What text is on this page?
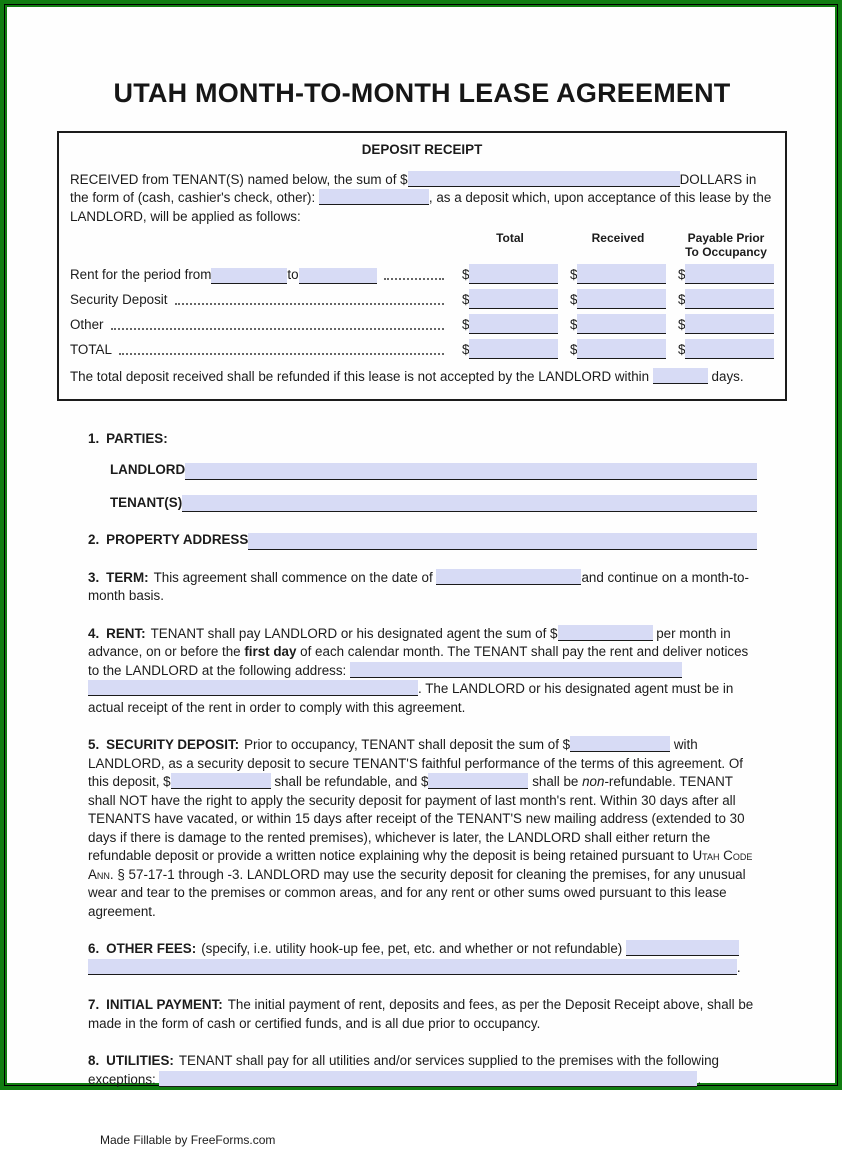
UTAH MONTH-TO-MONTH LEASE AGREEMENT
DEPOSIT RECEIPT

RECEIVED from TENANT(S) named below, the sum of $	DOLLARS in the form of (cash, cashier's check, other):	, as a deposit which, upon acceptance of this lease by the LANDLORD, will be applied as follows:

Total	Received	Payable Prior
To Occupancy
Rent for the period from	to	$	$	$
Security Deposit	$	$	$
Other	$	$	$
TOTAL	$	$	$

The total deposit received shall be refunded if this lease is not accepted by the LANDLORD within	days.

1. PARTIES:
LANDLORD
TENANT(S)
2. PROPERTY ADDRESS

3. TERM: This agreement shall commence on the date of	and continue on a month-to-month basis.

4. RENT: TENANT shall pay LANDLORD or his designated agent the sum of $	per month in advance, on or before the first day of each calendar month. The TENANT shall pay the rent and deliver notices to the LANDLORD at the following address:  . The LANDLORD or his designated agent must be in actual receipt of the rent in order to comply with this agreement.

5. SECURITY DEPOSIT: Prior to occupancy, TENANT shall deposit the sum of $	with LANDLORD, as a security deposit to secure TENANT'S faithful performance of the terms of this agreement. Of this deposit, $	shall be refundable, and $	shall be non-refundable. TENANT shall NOT have the right to apply the security deposit for payment of last month's rent. Within 30 days after all TENANTS have vacated, or within 15 days after receipt of the TENANT'S new mailing address (extended to 30 days if there is damage to the rented premises), whichever is later, the LANDLORD shall either return the refundable deposit or provide a written notice explaining why the deposit is being retained pursuant to Utah Code Ann. § 57-17-1 through -3. LANDLORD may use the security deposit for cleaning the premises, for any unusual wear and tear to the premises or common areas, and for any rent or other sums owed pursuant to this lease agreement.

6. OTHER FEES: (specify, i.e. utility hook-up fee, pet, etc. and whether or not refundable)  .

7. INITIAL PAYMENT: The initial payment of rent, deposits and fees, as per the Deposit Receipt above, shall be made in the form of cash or certified funds, and is all due prior to occupancy.

8. UTILITIES: TENANT shall pay for all utilities and/or services supplied to the premises with the following exceptions:	.

Made Fillable by FreeForms.com
